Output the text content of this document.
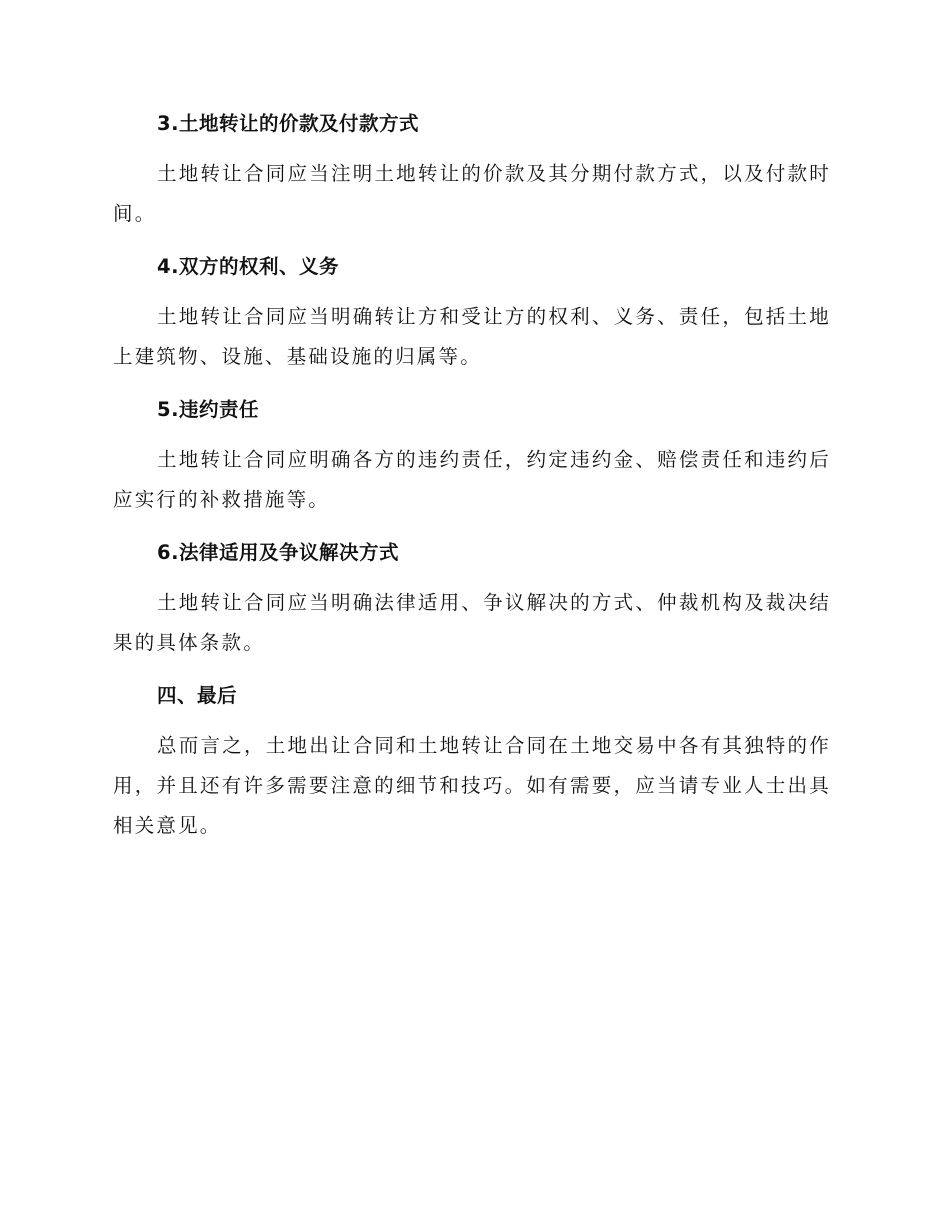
3.土地转让的价款及付款方式

土地转让合同应当注明土地转让的价款及其分期付款方式，以及付款时间。

4.双方的权利、义务

土地转让合同应当明确转让方和受让方的权利、义务、责任，包括土地上建筑物、设施、基础设施的归属等。

5.违约责任

土地转让合同应明确各方的违约责任，约定违约金、赔偿责任和违约后应实行的补救措施等。

6.法律适用及争议解决方式

土地转让合同应当明确法律适用、争议解决的方式、仲裁机构及裁决结果的具体条款。

四、最后

总而言之，土地出让合同和土地转让合同在土地交易中各有其独特的作用，并且还有许多需要注意的细节和技巧。如有需要，应当请专业人士出具相关意见。
